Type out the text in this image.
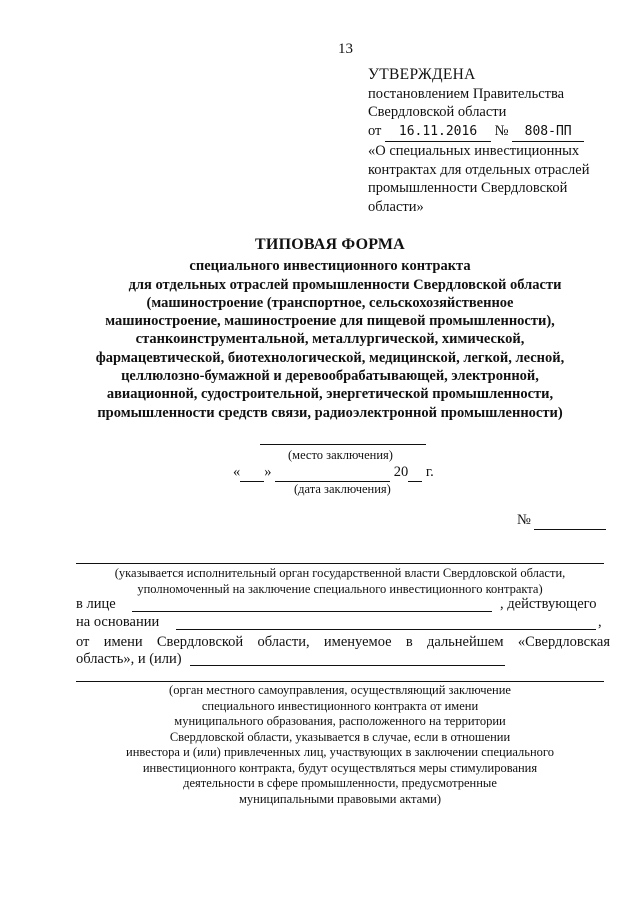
13
УТВЕРЖДЕНА
постановлением Правительства
Свердловской области
от 16.11.2016 № 808-ПП
«О специальных инвестиционных
контрактах для отдельных отраслей
промышленности Свердловской
области»
ТИПОВАЯ ФОРМА
специального инвестиционного контракта
для отдельных отраслей промышленности Свердловской области
(машиностроение (транспортное, сельскохозяйственное
машиностроение, машиностроение для пищевой промышленности),
станкоинструментальной, металлургической, химической,
фармацевтической, биотехнологической, медицинской, легкой, лесной,
целлюлозно-бумажной и деревообрабатывающей, электронной,
авиационной, судостроительной, энергетической промышленности,
промышленности средств связи, радиоэлектронной промышленности)
(место заключения)
« »	20 г.
(дата заключения)
№
(указывается исполнительный орган государственной власти Свердловской области,
уполномоченный на заключение специального инвестиционного контракта)
в лице	, действующего
на основании	,
от имени Свердловской области, именуемое в дальнейшем «Свердловская
область», и (или)
(орган местного самоуправления, осуществляющий заключение
специального инвестиционного контракта от имени
муниципального образования, расположенного на территории
Свердловской области, указывается в случае, если в отношении
инвестора и (или) привлеченных лиц, участвующих в заключении специального
инвестиционного контракта, будут осуществляться меры стимулирования
деятельности в сфере промышленности, предусмотренные
муниципальными правовыми актами)
